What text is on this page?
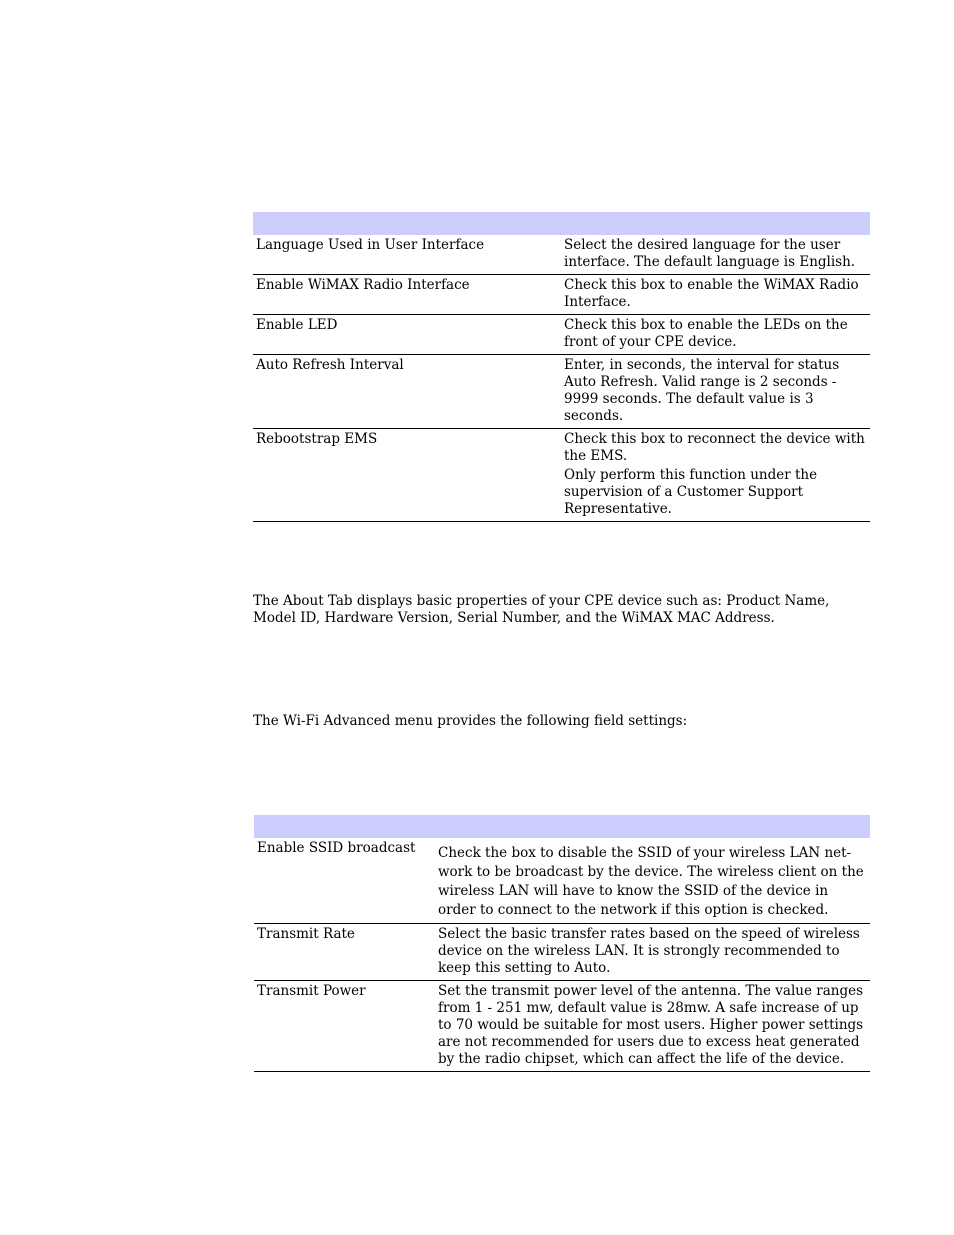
Language Used in User Interface	Select the desired language for the user interface. The default language is English.

Enable WiMAX Radio Interface	Check this box to enable the WiMAX Radio Interface.

Enable LED	Check this box to enable the LEDs on the front of your CPE device.

Auto Refresh Interval	Enter, in seconds, the interval for status Auto Refresh. Valid range is 2 seconds - 9999 seconds. The default value is 3 seconds.

Rebootstrap EMS	Check this box to reconnect the device with the EMS.

Only perform this function under the supervision of a Customer Support Representative.

The About Tab displays basic properties of your CPE device such as: Product Name, Model ID, Hardware Version, Serial Number, and the WiMAX MAC Address.

The Wi-Fi Advanced menu provides the following field settings:

Enable SSID broadcast	Check the box to disable the SSID of your wireless LAN net-work to be broadcast by the device. The wireless client on the wireless LAN will have to know the SSID of the device in order to connect to the network if this option is checked.

Transmit Rate	Select the basic transfer rates based on the speed of wireless device on the wireless LAN. It is strongly recommended to keep this setting to Auto.

Transmit Power	Set the transmit power level of the antenna. The value ranges from 1 - 251 mw, default value is 28mw. A safe increase of up to 70 would be suitable for most users. Higher power settings are not recommended for users due to excess heat generated by the radio chipset, which can affect the life of the device.
